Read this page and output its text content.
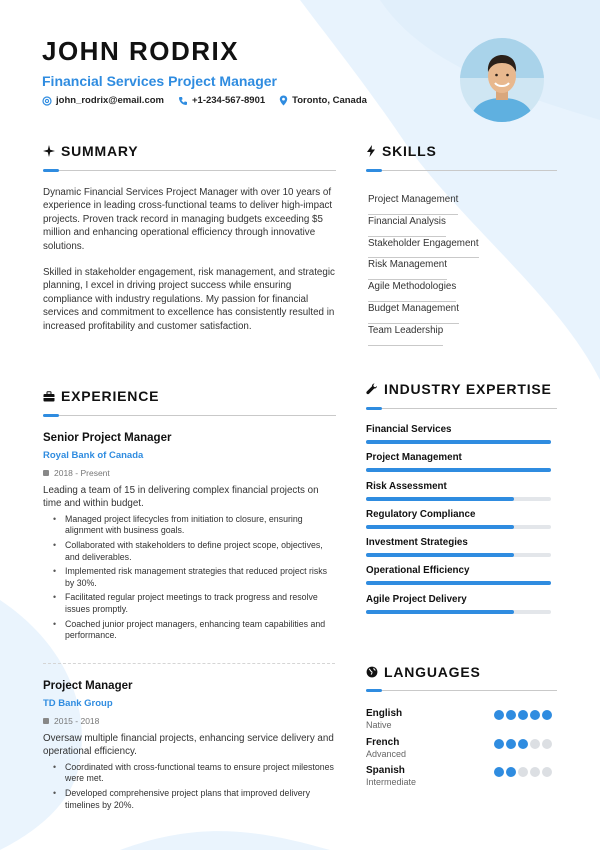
JOHN RODRIX
Financial Services Project Manager
john_rodrix@email.com	+1-234-567-8901	Toronto, Canada
SUMMARY
Dynamic Financial Services Project Manager with over 10 years of experience in leading cross-functional teams to deliver high-impact projects. Proven track record in managing budgets exceeding $5 million and enhancing operational efficiency through innovative solutions.
Skilled in stakeholder engagement, risk management, and strategic planning, I excel in driving project success while ensuring compliance with industry regulations. My passion for financial services and commitment to excellence has consistently resulted in increased profitability and customer satisfaction.
SKILLS
Project Management
Financial Analysis
Stakeholder Engagement
Risk Management
Agile Methodologies
Budget Management
Team Leadership
EXPERIENCE
Senior Project Manager
Royal Bank of Canada
2018 - Present
Leading a team of 15 in delivering complex financial projects on time and within budget.
• Managed project lifecycles from initiation to closure, ensuring alignment with business goals.
• Collaborated with stakeholders to define project scope, objectives, and deliverables.
• Implemented risk management strategies that reduced project risks by 30%.
• Facilitated regular project meetings to track progress and resolve issues promptly.
• Coached junior project managers, enhancing team capabilities and performance.
Project Manager
TD Bank Group
2015 - 2018
Oversaw multiple financial projects, enhancing service delivery and operational efficiency.
• Coordinated with cross-functional teams to ensure project milestones were met.
• Developed comprehensive project plans that improved delivery timelines by 20%.
INDUSTRY EXPERTISE
Financial Services
Project Management
Risk Assessment
Regulatory Compliance
Investment Strategies
Operational Efficiency
Agile Project Delivery
LANGUAGES
English
Native
French
Advanced
Spanish
Intermediate
